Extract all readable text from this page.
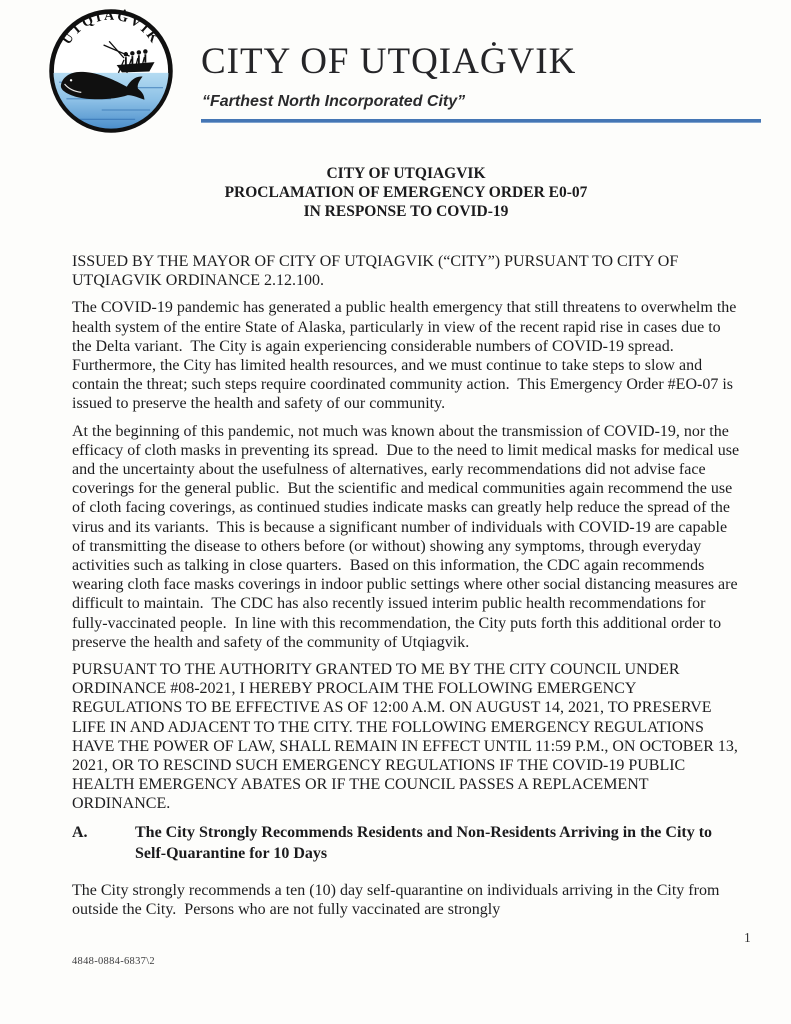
UTQIAĠVIK
CITY OF UTQIAĠVIK
“Farthest North Incorporated City”
CITY OF UTQIAGVIK
PROCLAMATION OF EMERGENCY ORDER E0-07
IN RESPONSE TO COVID-19

ISSUED BY THE MAYOR OF CITY OF UTQIAGVIK (“CITY”) PURSUANT TO CITY OF UTQIAGVIK ORDINANCE 2.12.100.

The COVID-19 pandemic has generated a public health emergency that still threatens to overwhelm the health system of the entire State of Alaska, particularly in view of the recent rapid rise in cases due to the Delta variant.  The City is again experiencing considerable numbers of COVID-19 spread.  Furthermore, the City has limited health resources, and we must continue to take steps to slow and contain the threat; such steps require coordinated community action.  This Emergency Order #EO-07 is issued to preserve the health and safety of our community.

At the beginning of this pandemic, not much was known about the transmission of COVID-19, nor the efficacy of cloth masks in preventing its spread.  Due to the need to limit medical masks for medical use and the uncertainty about the usefulness of alternatives, early recommendations did not advise face coverings for the general public.  But the scientific and medical communities again recommend the use of cloth facing coverings, as continued studies indicate masks can greatly help reduce the spread of the virus and its variants.  This is because a significant number of individuals with COVID-19 are capable of transmitting the disease to others before (or without) showing any symptoms, through everyday activities such as talking in close quarters.  Based on this information, the CDC again recommends wearing cloth face masks coverings in indoor public settings where other social distancing measures are difficult to maintain.  The CDC has also recently issued interim public health recommendations for fully-vaccinated people.  In line with this recommendation, the City puts forth this additional order to preserve the health and safety of the community of Utqiagvik.

PURSUANT TO THE AUTHORITY GRANTED TO ME BY THE CITY COUNCIL UNDER ORDINANCE #08-2021, I HEREBY PROCLAIM THE FOLLOWING EMERGENCY REGULATIONS TO BE EFFECTIVE AS OF 12:00 A.M. ON AUGUST 14, 2021, TO PRESERVE LIFE IN AND ADJACENT TO THE CITY. THE FOLLOWING EMERGENCY REGULATIONS HAVE THE POWER OF LAW, SHALL REMAIN IN EFFECT UNTIL 11:59 P.M., ON OCTOBER 13,  2021, OR TO RESCIND SUCH EMERGENCY REGULATIONS IF THE COVID-19 PUBLIC HEALTH EMERGENCY ABATES OR IF THE COUNCIL PASSES A REPLACEMENT ORDINANCE.

A.	The City Strongly Recommends Residents and Non-Residents Arriving in the City to Self-Quarantine for 10 Days

The City strongly recommends a ten (10) day self-quarantine on individuals arriving in the City from outside the City.  Persons who are not fully vaccinated are strongly

4848-0884-6837\2
1
